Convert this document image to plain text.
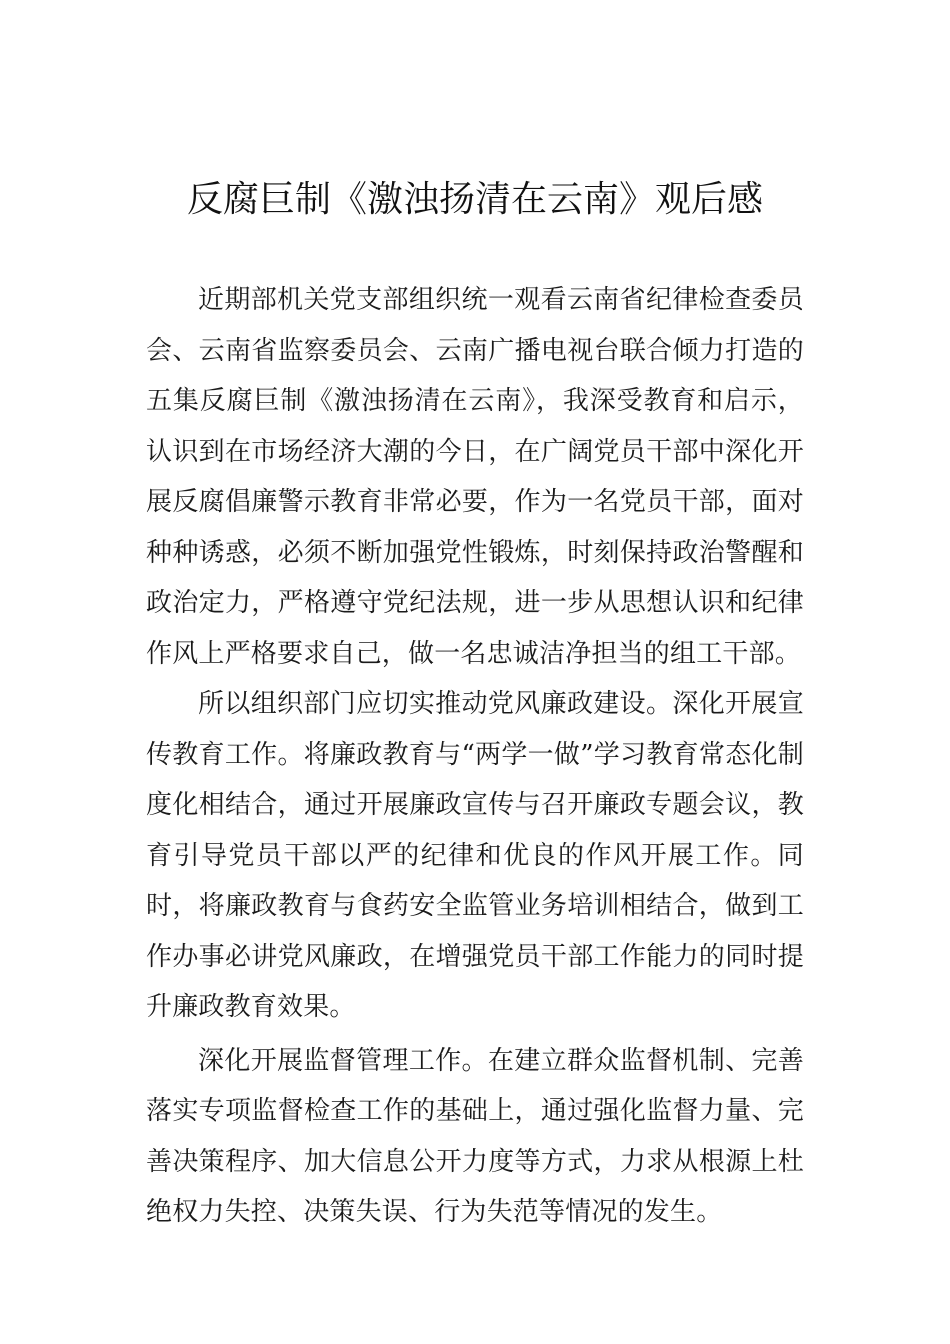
反腐巨制《激浊扬清在云南》观后感

近期部机关党支部组织统一观看云南省纪律检查委员会、云南省监察委员会、云南广播电视台联合倾力打造的五集反腐巨制《激浊扬清在云南》，我深受教育和启示，认识到在市场经济大潮的今日，在广阔党员干部中深化开展反腐倡廉警示教育非常必要，作为一名党员干部，面对种种诱惑，必须不断加强党性锻炼，时刻保持政治警醒和政治定力，严格遵守党纪法规，进一步从思想认识和纪律作风上严格要求自己，做一名忠诚洁净担当的组工干部。

所以组织部门应切实推动党风廉政建设。深化开展宣传教育工作。将廉政教育与“两学一做”学习教育常态化制度化相结合，通过开展廉政宣传与召开廉政专题会议，教育引导党员干部以严的纪律和优良的作风开展工作。同时，将廉政教育与食药安全监管业务培训相结合，做到工作办事必讲党风廉政，在增强党员干部工作能力的同时提升廉政教育效果。

深化开展监督管理工作。在建立群众监督机制、完善落实专项监督检查工作的基础上，通过强化监督力量、完善决策程序、加大信息公开力度等方式，力求从根源上杜绝权力失控、决策失误、行为失范等情况的发生。
